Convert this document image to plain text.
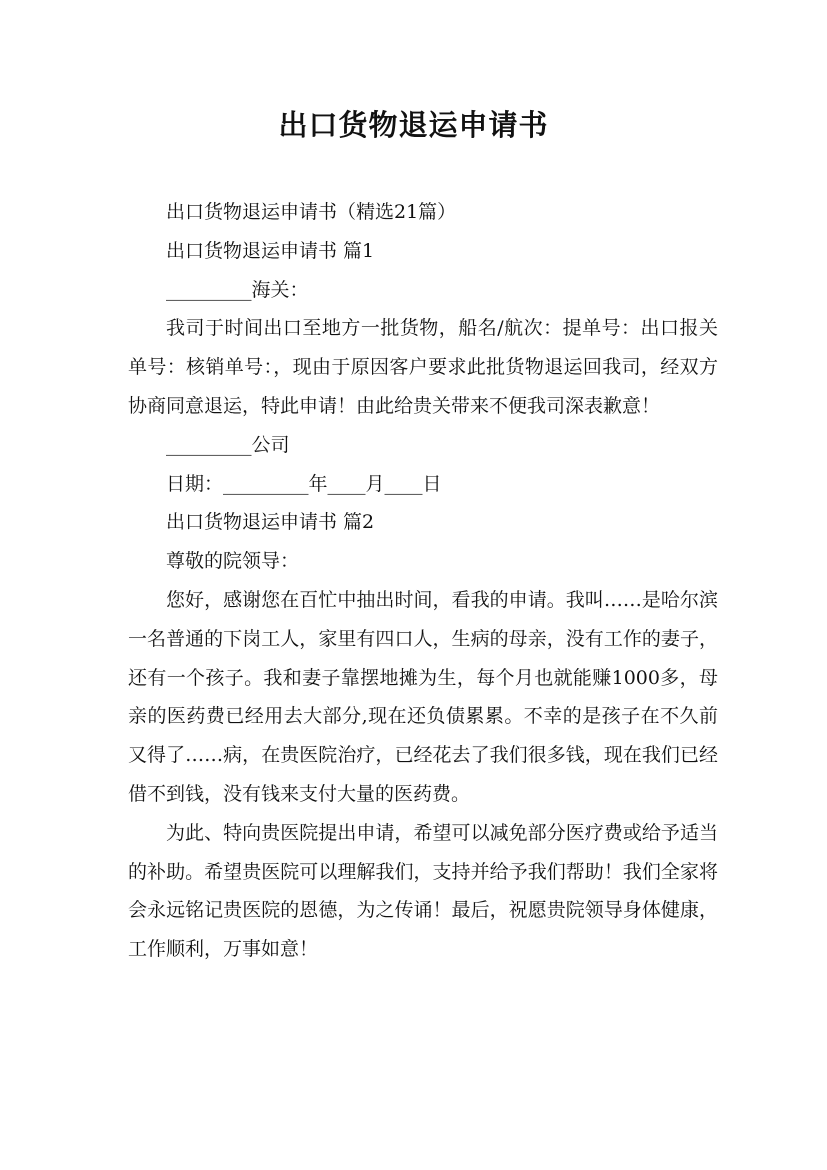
出口货物退运申请书

出口货物退运申请书（精选21篇）

出口货物退运申请书 篇1

_________海关：

我司于时间出口至地方一批货物，船名/航次：提单号：出口报关单号：核销单号：，现由于原因客户要求此批货物退运回我司，经双方协商同意退运，特此申请！由此给贵关带来不便我司深表歉意！

_________公司

日期：_________年____月____日

出口货物退运申请书 篇2

尊敬的院领导：

您好，感谢您在百忙中抽出时间，看我的申请。我叫……是哈尔滨一名普通的下岗工人，家里有四口人，生病的母亲，没有工作的妻子，还有一个孩子。我和妻子靠摆地摊为生，每个月也就能赚1000多，母亲的医药费已经用去大部分,现在还负债累累。不幸的是孩子在不久前又得了……病，在贵医院治疗，已经花去了我们很多钱，现在我们已经借不到钱，没有钱来支付大量的医药费。

为此、特向贵医院提出申请，希望可以减免部分医疗费或给予适当的补助。希望贵医院可以理解我们，支持并给予我们帮助！我们全家将会永远铭记贵医院的恩德，为之传诵！最后，祝愿贵院领导身体健康，工作顺利，万事如意！
